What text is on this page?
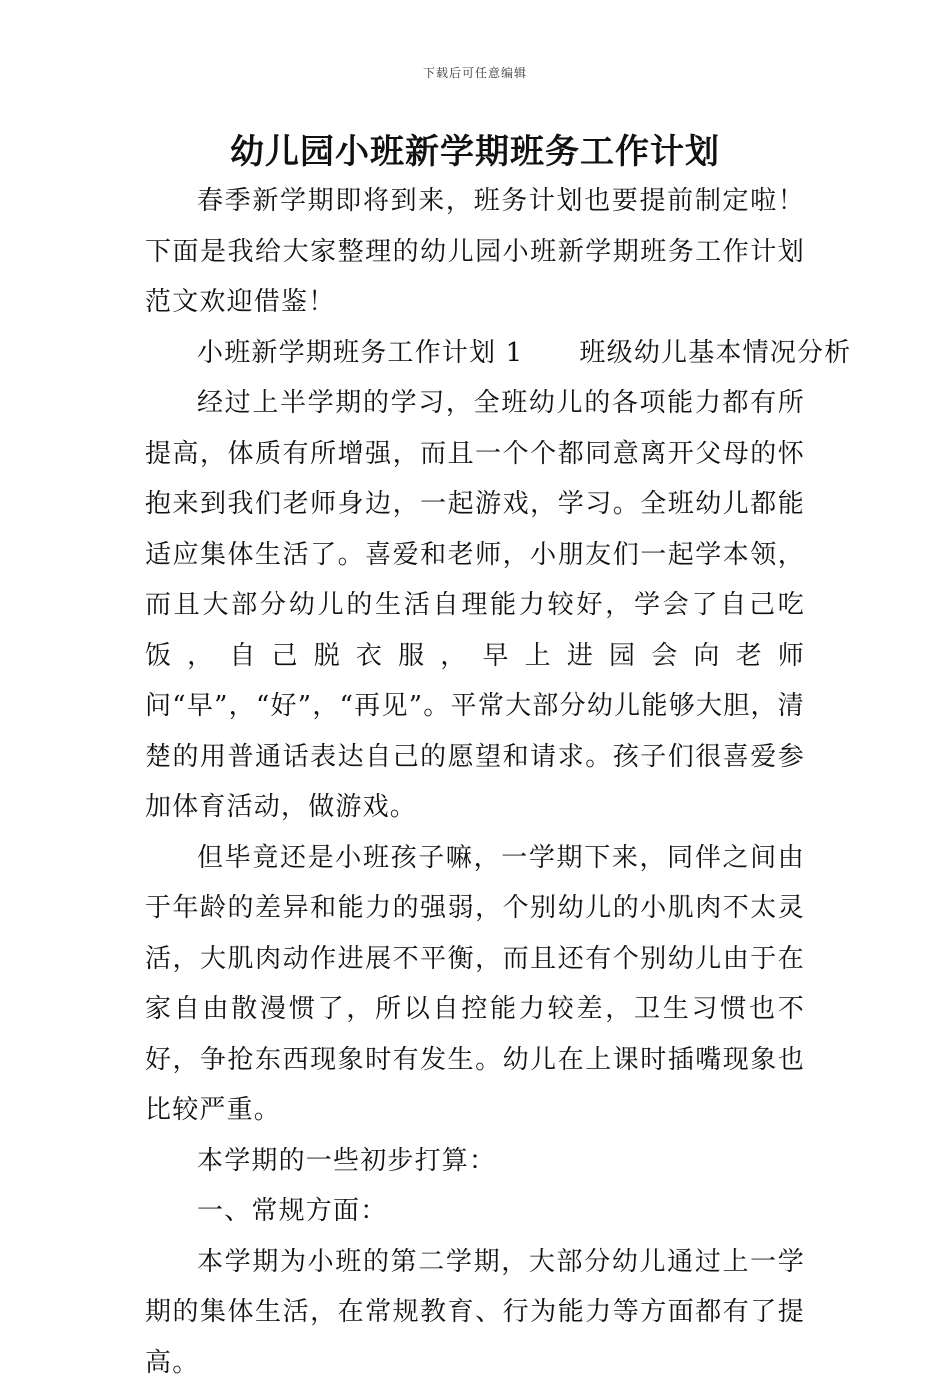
下载后可任意编辑
幼儿园小班新学期班务工作计划

春季新学期即将到来，班务计划也要提前制定啦！下面是我给大家整理的幼儿园小班新学期班务工作计划范文欢迎借鉴！

小班新学期班务工作计划 1 班级幼儿基本情况分析

经过上半学期的学习，全班幼儿的各项能力都有所提高，体质有所增强，而且一个个都同意离开父母的怀抱来到我们老师身边，一起游戏，学习。全班幼儿都能适应集体生活了。喜爱和老师，小朋友们一起学本领，而且大部分幼儿的生活自理能力较好，学会了自己吃饭，自己脱衣服，早上进园会向老师问“早”，“好”，“再见”。平常大部分幼儿能够大胆，清楚的用普通话表达自己的愿望和请求。孩子们很喜爱参加体育活动，做游戏。

但毕竟还是小班孩子嘛，一学期下来，同伴之间由于年龄的差异和能力的强弱，个别幼儿的小肌肉不太灵活，大肌肉动作进展不平衡，而且还有个别幼儿由于在家自由散漫惯了，所以自控能力较差，卫生习惯也不好，争抢东西现象时有发生。幼儿在上课时插嘴现象也比较严重。

本学期的一些初步打算：

一、常规方面：

本学期为小班的第二学期，大部分幼儿通过上一学期的集体生活，在常规教育、行为能力等方面都有了提高。
